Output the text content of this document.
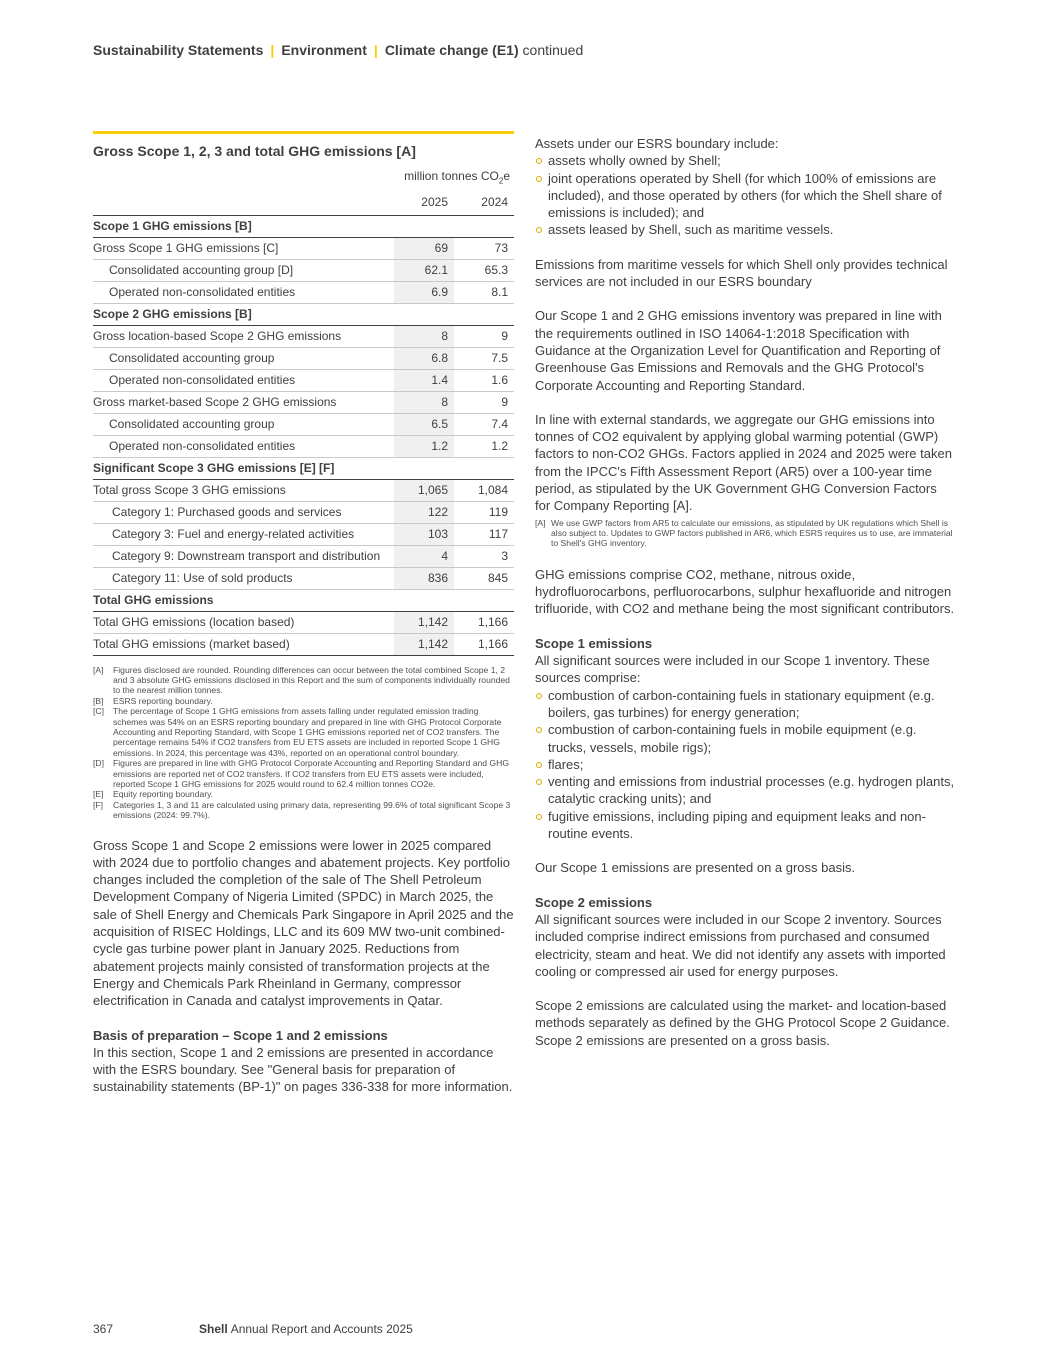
Sustainability Statements | Environment | Climate change (E1) continued
Gross Scope 1, 2, 3 and total GHG emissions [A]
	million tonnes $CO_2e$	
	2025	2024
Scope 1 GHG emissions [B]		
Gross Scope 1 GHG emissions [C]	69	73
Consolidated accounting group [D]	62.1	65.3
Operated non-consolidated entities	6.9	8.1
Scope 2 GHG emissions [B]		
Gross location-based Scope 2 GHG emissions	8	9
Consolidated accounting group	6.8	7.5
Operated non-consolidated entities	1.4	1.6
Gross market-based Scope 2 GHG emissions	8	9
Consolidated accounting group	6.5	7.4
Operated non-consolidated entities	1.2	1.2
Significant Scope 3 GHG emissions [E] [F]		
Total gross Scope 3 GHG emissions	1,065	1,084
Category 1: Purchased goods and services	122	119
Category 3: Fuel and energy-related activities	103	117
Category 9: Downstream transport and distribution	4	3
Category 11: Use of sold products	836	845
Total GHG emissions		
Total GHG emissions (location based)	1,142	1,166
Total GHG emissions (market based)	1,142	1,166
[A]	Figures disclosed are rounded. Rounding differences can occur between the total combined Scope 1, 2 and 3 absolute GHG emissions disclosed in this Report and the sum of components individually rounded to the nearest million tonnes.
[B]	ESRS reporting boundary.
[C]	The percentage of Scope 1 GHG emissions from assets falling under regulated emission trading schemes was 54% on an ESRS reporting boundary and prepared in line with GHG Protocol Corporate Accounting and Reporting Standard, with Scope 1 GHG emissions reported net of CO2 transfers. The percentage remains 54% if CO2 transfers from EU ETS assets are included in reported Scope 1 GHG emissions. In 2024, this percentage was 43%, reported on an operational control boundary.
[D]	Figures are prepared in line with GHG Protocol Corporate Accounting and Reporting Standard and GHG emissions are reported net of CO2 transfers. If CO2 transfers from EU ETS assets were included, reported Scope 1 GHG emissions for 2025 would round to 62.4 million tonnes CO2e.
[E]	Equity reporting boundary.
[F]	Categories 1, 3 and 11 are calculated using primary data, representing 99.6% of total significant Scope 3 emissions (2024: 99.7%).

Gross Scope 1 and Scope 2 emissions were lower in 2025 compared with 2024 due to portfolio changes and abatement projects. Key portfolio changes included the completion of the sale of The Shell Petroleum Development Company of Nigeria Limited (SPDC) in March 2025, the sale of Shell Energy and Chemicals Park Singapore in April 2025 and the acquisition of RISEC Holdings, LLC and its 609 MW two-unit combined-cycle gas turbine power plant in January 2025. Reductions from abatement projects mainly consisted of transformation projects at the Energy and Chemicals Park Rheinland in Germany, compressor electrification in Canada and catalyst improvements in Qatar.

Basis of preparation – Scope 1 and 2 emissions

In this section, Scope 1 and 2 emissions are presented in accordance with the ESRS boundary. See "General basis for preparation of sustainability statements (BP-1)" on pages 336-338 for more information.

Assets under our ESRS boundary include:

assets wholly owned by Shell;
joint operations operated by Shell (for which 100% of emissions are included), and those operated by others (for which the Shell share of emissions is included); and
assets leased by Shell, such as maritime vessels.

Emissions from maritime vessels for which Shell only provides technical services are not included in our ESRS boundary

Our Scope 1 and 2 GHG emissions inventory was prepared in line with the requirements outlined in ISO 14064-1:2018 Specification with Guidance at the Organization Level for Quantification and Reporting of Greenhouse Gas Emissions and Removals and the GHG Protocol's Corporate Accounting and Reporting Standard.

In line with external standards, we aggregate our GHG emissions into tonnes of CO2 equivalent by applying global warming potential (GWP) factors to non-CO2 GHGs. Factors applied in 2024 and 2025 were taken from the IPCC's Fifth Assessment Report (AR5) over a 100-year time period, as stipulated by the UK Government GHG Conversion Factors for Company Reporting [A].

[A] We use GWP factors from AR5 to calculate our emissions, as stipulated by UK regulations which Shell is also subject to. Updates to GWP factors published in AR6, which ESRS requires us to use, are immaterial to Shell's GHG inventory.

GHG emissions comprise CO2, methane, nitrous oxide, hydrofluorocarbons, perfluorocarbons, sulphur hexafluoride and nitrogen trifluoride, with CO2 and methane being the most significant contributors.

Scope 1 emissions

All significant sources were included in our Scope 1 inventory. These sources comprise:

combustion of carbon-containing fuels in stationary equipment (e.g. boilers, gas turbines) for energy generation;
combustion of carbon-containing fuels in mobile equipment (e.g. trucks, vessels, mobile rigs);
flares;
venting and emissions from industrial processes (e.g. hydrogen plants, catalytic cracking units); and
fugitive emissions, including piping and equipment leaks and non-routine events.

Our Scope 1 emissions are presented on a gross basis.

Scope 2 emissions

All significant sources were included in our Scope 2 inventory. Sources included comprise indirect emissions from purchased and consumed electricity, steam and heat. We did not identify any assets with imported cooling or compressed air used for energy purposes.

Scope 2 emissions are calculated using the market- and location-based methods separately as defined by the GHG Protocol Scope 2 Guidance. Scope 2 emissions are presented on a gross basis.

367	Shell Annual Report and Accounts 2025
